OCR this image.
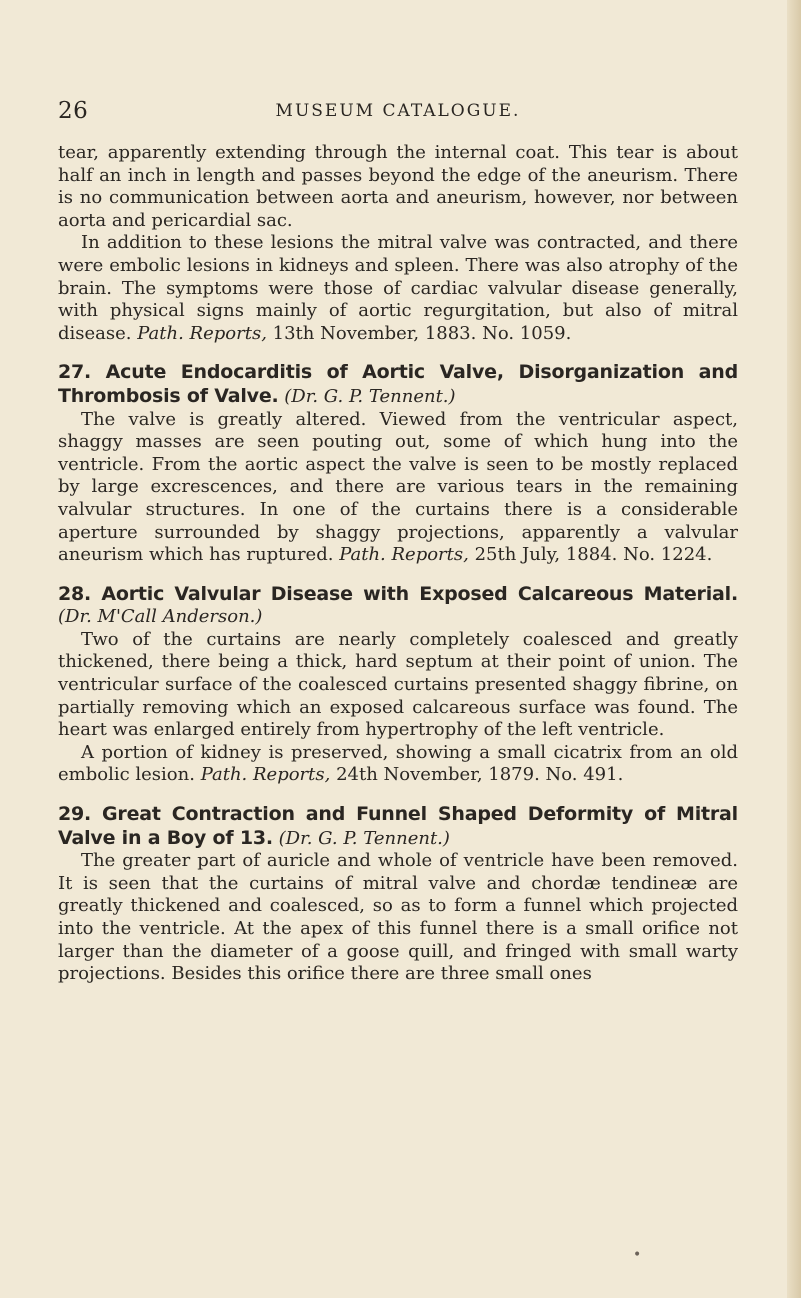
26	MUSEUM CATALOGUE.

tear, apparently extending through the internal coat. This tear is about half an inch in length and passes beyond the edge of the aneurism. There is no communication between aorta and aneurism, however, nor between aorta and pericardial sac.

In addition to these lesions the mitral valve was contracted, and there were embolic lesions in kidneys and spleen. There was also atrophy of the brain. The symptoms were those of cardiac valvular disease generally, with physical signs mainly of aortic regurgitation, but also of mitral disease. Path. Reports, 13th November, 1883. No. 1059.

27. Acute Endocarditis of Aortic Valve, Disorganization and Thrombosis of Valve. (Dr. G. P. Tennent.)

The valve is greatly altered. Viewed from the ventricular aspect, shaggy masses are seen pouting out, some of which hung into the ventricle. From the aortic aspect the valve is seen to be mostly replaced by large excrescences, and there are various tears in the remaining valvular structures. In one of the curtains there is a considerable aperture surrounded by shaggy projections, apparently a valvular aneurism which has ruptured. Path. Reports, 25th July, 1884. No. 1224.

28. Aortic Valvular Disease with Exposed Calcareous Material. (Dr. M'Call Anderson.)

Two of the curtains are nearly completely coalesced and greatly thickened, there being a thick, hard septum at their point of union. The ventricular surface of the coalesced curtains presented shaggy fibrine, on partially removing which an exposed calcareous surface was found. The heart was enlarged entirely from hypertrophy of the left ventricle.

A portion of kidney is preserved, showing a small cicatrix from an old embolic lesion. Path. Reports, 24th November, 1879. No. 491.

29. Great Contraction and Funnel Shaped Deformity of Mitral Valve in a Boy of 13. (Dr. G. P. Tennent.)

The greater part of auricle and whole of ventricle have been removed. It is seen that the curtains of mitral valve and chordæ tendineæ are greatly thickened and coalesced, so as to form a funnel which projected into the ventricle. At the apex of this funnel there is a small orifice not larger than the diameter of a goose quill, and fringed with small warty projections. Besides this orifice there are three small ones

•
